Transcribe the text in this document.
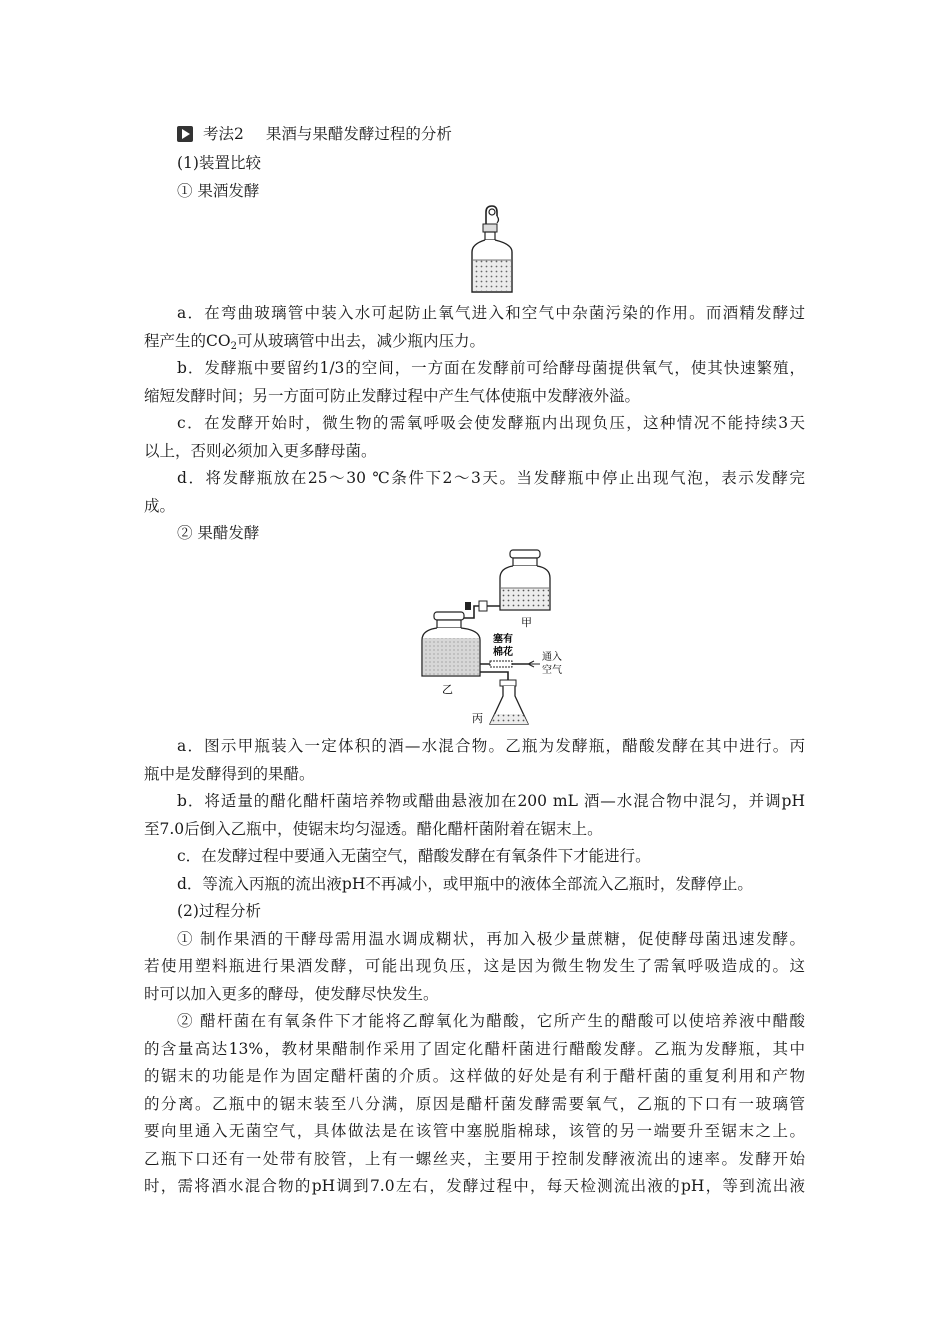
考法2 果酒与果醋发酵过程的分析
(1)装置比较
① 果酒发酵
a．在弯曲玻璃管中装入水可起防止氧气进入和空气中杂菌污染的作用。而酒精发酵过
程产生的$CO_2$可从玻璃管中出去，减少瓶内压力。
b．发酵瓶中要留约1/3的空间，一方面在发酵前可给酵母菌提供氧气，使其快速繁殖，
缩短发酵时间；另一方面可防止发酵过程中产生气体使瓶中发酵液外溢。
c．在发酵开始时，微生物的需氧呼吸会使发酵瓶内出现负压，这种情况不能持续3天
以上，否则必须加入更多酵母菌。
d．将发酵瓶放在25～30 ℃条件下2～3天。当发酵瓶中停止出现气泡，表示发酵完
成。
② 果醋发酵
甲
乙
塞有
棉花	通入
空气
丙
a．图示甲瓶装入一定体积的酒—水混合物。乙瓶为发酵瓶，醋酸发酵在其中进行。丙
瓶中是发酵得到的果醋。
b．将适量的醋化醋杆菌培养物或醋曲悬液加在200 mL 酒—水混合物中混匀，并调pH
至7.0后倒入乙瓶中，使锯末均匀湿透。醋化醋杆菌附着在锯末上。
c．在发酵过程中要通入无菌空气，醋酸发酵在有氧条件下才能进行。
d．等流入丙瓶的流出液pH不再减小，或甲瓶中的液体全部流入乙瓶时，发酵停止。
(2)过程分析
① 制作果酒的干酵母需用温水调成糊状，再加入极少量蔗糖，促使酵母菌迅速发酵。
若使用塑料瓶进行果酒发酵，可能出现负压，这是因为微生物发生了需氧呼吸造成的。这
时可以加入更多的酵母，使发酵尽快发生。
② 醋杆菌在有氧条件下才能将乙醇氧化为醋酸，它所产生的醋酸可以使培养液中醋酸
的含量高达13%，教材果醋制作采用了固定化醋杆菌进行醋酸发酵。乙瓶为发酵瓶，其中
的锯末的功能是作为固定醋杆菌的介质。这样做的好处是有利于醋杆菌的重复利用和产物
的分离。乙瓶中的锯末装至八分满，原因是醋杆菌发酵需要氧气，乙瓶的下口有一玻璃管
要向里通入无菌空气，具体做法是在该管中塞脱脂棉球，该管的另一端要升至锯末之上。
乙瓶下口还有一处带有胶管，上有一螺丝夹，主要用于控制发酵液流出的速率。发酵开始
时，需将酒水混合物的pH调到7.0左右，发酵过程中，每天检测流出液的pH，等到流出液
